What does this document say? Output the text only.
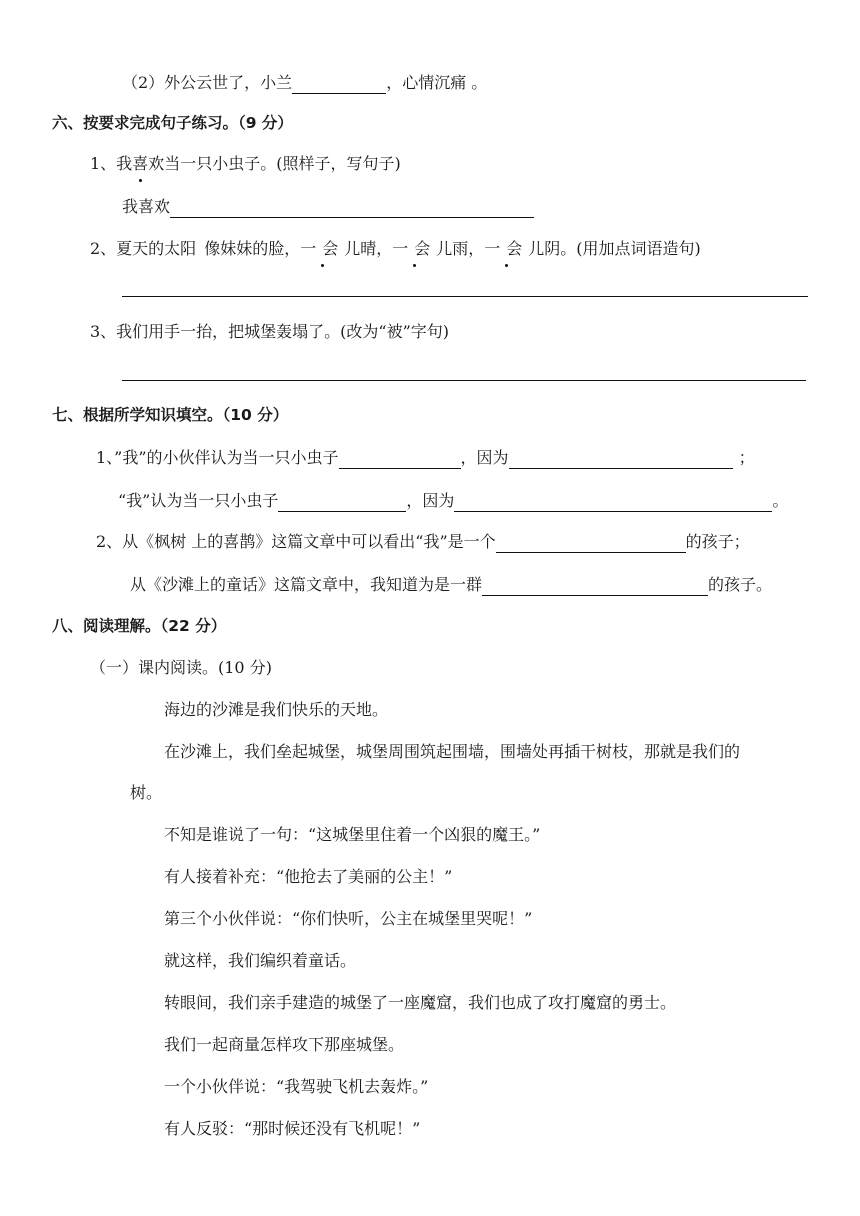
（2）外公云世了，小兰	，心情沉痛 。
六、按要求完成句子练习。（9 分）
1、我喜欢当一只小虫子。(照样子，写句子)
我喜欢
2、夏天的太阳 像妹妹的脸，一会儿晴，一会儿雨，一会儿阴。(用加点词语造句)
3、我们用手一抬，把城堡轰塌了。(改为“被”字句)
七、根据所学知识填空。（10 分）
1、”我”的小伙伴认为当一只小虫子	，因为	；
“我”认为当一只小虫子	，因为	。
2、从《枫树 上的喜鹊》这篇文章中可以看出“我”是一个	的孩子；
从《沙滩上的童话》这篇文章中，我知道为是一群	的孩子。
八、阅读理解。（22 分）
（一）课内阅读。(10 分)
海边的沙滩是我们快乐的天地。
在沙滩上，我们垒起城堡，城堡周围筑起围墙，围墙处再插干树枝，那就是我们的
树。
不知是谁说了一句：“这城堡里住着一个凶狠的魔王。”
有人接着补充：“他抢去了美丽的公主！”
第三个小伙伴说：“你们快听，公主在城堡里哭呢！”
就这样，我们编织着童话。
转眼间，我们亲手建造的城堡了一座魔窟，我们也成了攻打魔窟的勇士。
我们一起商量怎样攻下那座城堡。
一个小伙伴说：“我驾驶飞机去轰炸。”
有人反驳：“那时候还没有飞机呢！”
